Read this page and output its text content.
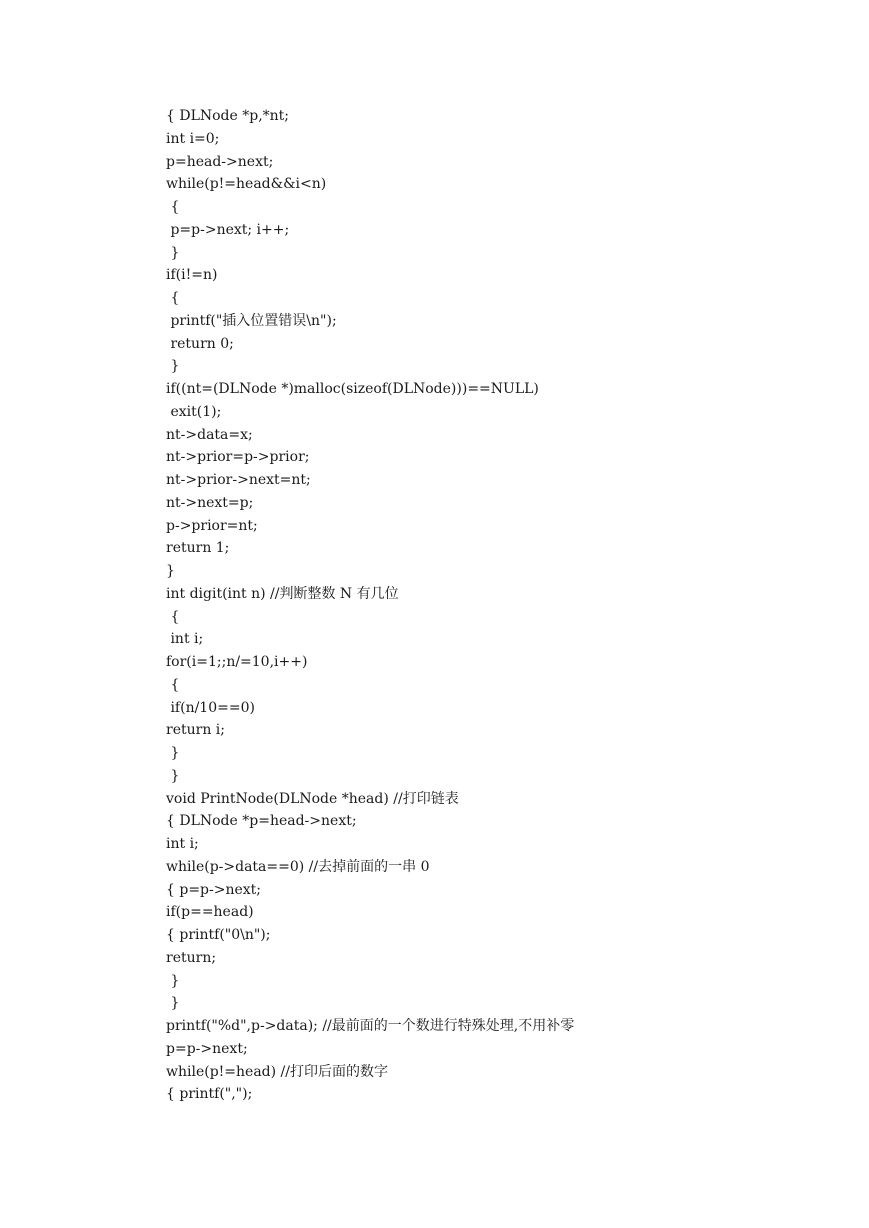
{ DLNode *p,*nt;
int i=0;
p=head->next;
while(p!=head&&i<n)
{
p=p->next; i++;
}
if(i!=n)
{
printf("插入位置错误\n");
return 0;
}
if((nt=(DLNode *)malloc(sizeof(DLNode)))==NULL)
exit(1);
nt->data=x;
nt->prior=p->prior;
nt->prior->next=nt;
nt->next=p;
p->prior=nt;
return 1;
}
int digit(int n) //判断整数 N 有几位
{
int i;
for(i=1;;n/=10,i++)
{
if(n/10==0)
return i;
}
}
void PrintNode(DLNode *head) //打印链表
{ DLNode *p=head->next;
int i;
while(p->data==0) //去掉前面的一串 0
{ p=p->next;
if(p==head)
{ printf("0\n");
return;
}
}
printf("%d",p->data); //最前面的一个数进行特殊处理,不用补零
p=p->next;
while(p!=head) //打印后面的数字
{ printf(",");
